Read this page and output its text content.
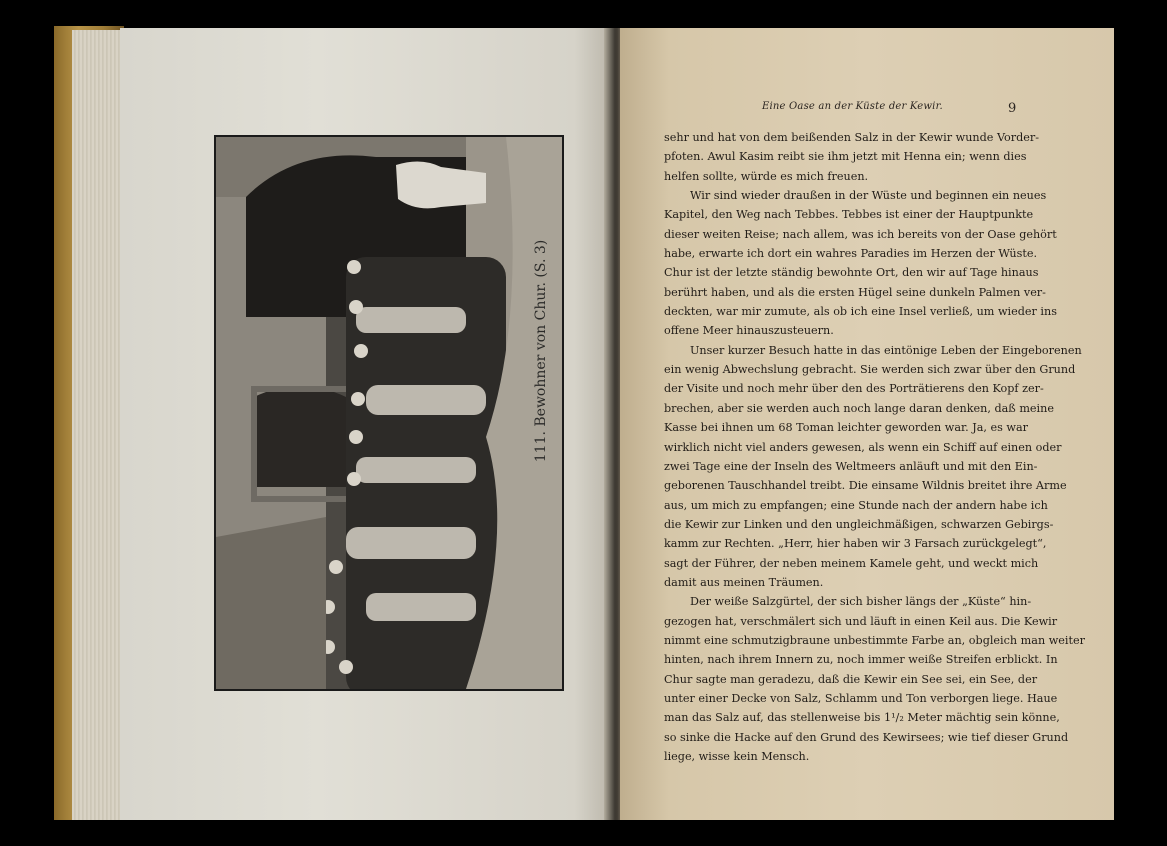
111. Bewohner von Chur. (S. 3)
Eine Oase an der Küste der Kewir.	9
sehr und hat von dem beißenden Salz in der Kewir wunde Vorder-
pfoten. Awul Kasim reibt sie ihm jetzt mit Henna ein; wenn dies
helfen sollte, würde es mich freuen.
Wir sind wieder draußen in der Wüste und beginnen ein neues
Kapitel, den Weg nach Tebbes. Tebbes ist einer der Hauptpunkte
dieser weiten Reise; nach allem, was ich bereits von der Oase gehört
habe, erwarte ich dort ein wahres Paradies im Herzen der Wüste.
Chur ist der letzte ständig bewohnte Ort, den wir auf Tage hinaus
berührt haben, und als die ersten Hügel seine dunkeln Palmen ver-
deckten, war mir zumute, als ob ich eine Insel verließ, um wieder ins
offene Meer hinauszusteuern.
Unser kurzer Besuch hatte in das eintönige Leben der Eingeborenen
ein wenig Abwechslung gebracht. Sie werden sich zwar über den Grund
der Visite und noch mehr über den des Porträtierens den Kopf zer-
brechen, aber sie werden auch noch lange daran denken, daß meine
Kasse bei ihnen um 68 Toman leichter geworden war. Ja, es war
wirklich nicht viel anders gewesen, als wenn ein Schiff auf einen oder
zwei Tage eine der Inseln des Weltmeers anläuft und mit den Ein-
geborenen Tauschhandel treibt. Die einsame Wildnis breitet ihre Arme
aus, um mich zu empfangen; eine Stunde nach der andern habe ich
die Kewir zur Linken und den ungleichmäßigen, schwarzen Gebirgs-
kamm zur Rechten. „Herr, hier haben wir 3 Farsach zurückgelegt“,
sagt der Führer, der neben meinem Kamele geht, und weckt mich
damit aus meinen Träumen.
Der weiße Salzgürtel, der sich bisher längs der „Küste“ hin-
gezogen hat, verschmälert sich und läuft in einen Keil aus. Die Kewir
nimmt eine schmutzigbraune unbestimmte Farbe an, obgleich man weiter
hinten, nach ihrem Innern zu, noch immer weiße Streifen erblickt. In
Chur sagte man geradezu, daß die Kewir ein See sei, ein See, der
unter einer Decke von Salz, Schlamm und Ton verborgen liege. Haue
man das Salz auf, das stellenweise bis 1¹/₂ Meter mächtig sein könne,
so sinke die Hacke auf den Grund des Kewirsees; wie tief dieser Grund
liege, wisse kein Mensch.
